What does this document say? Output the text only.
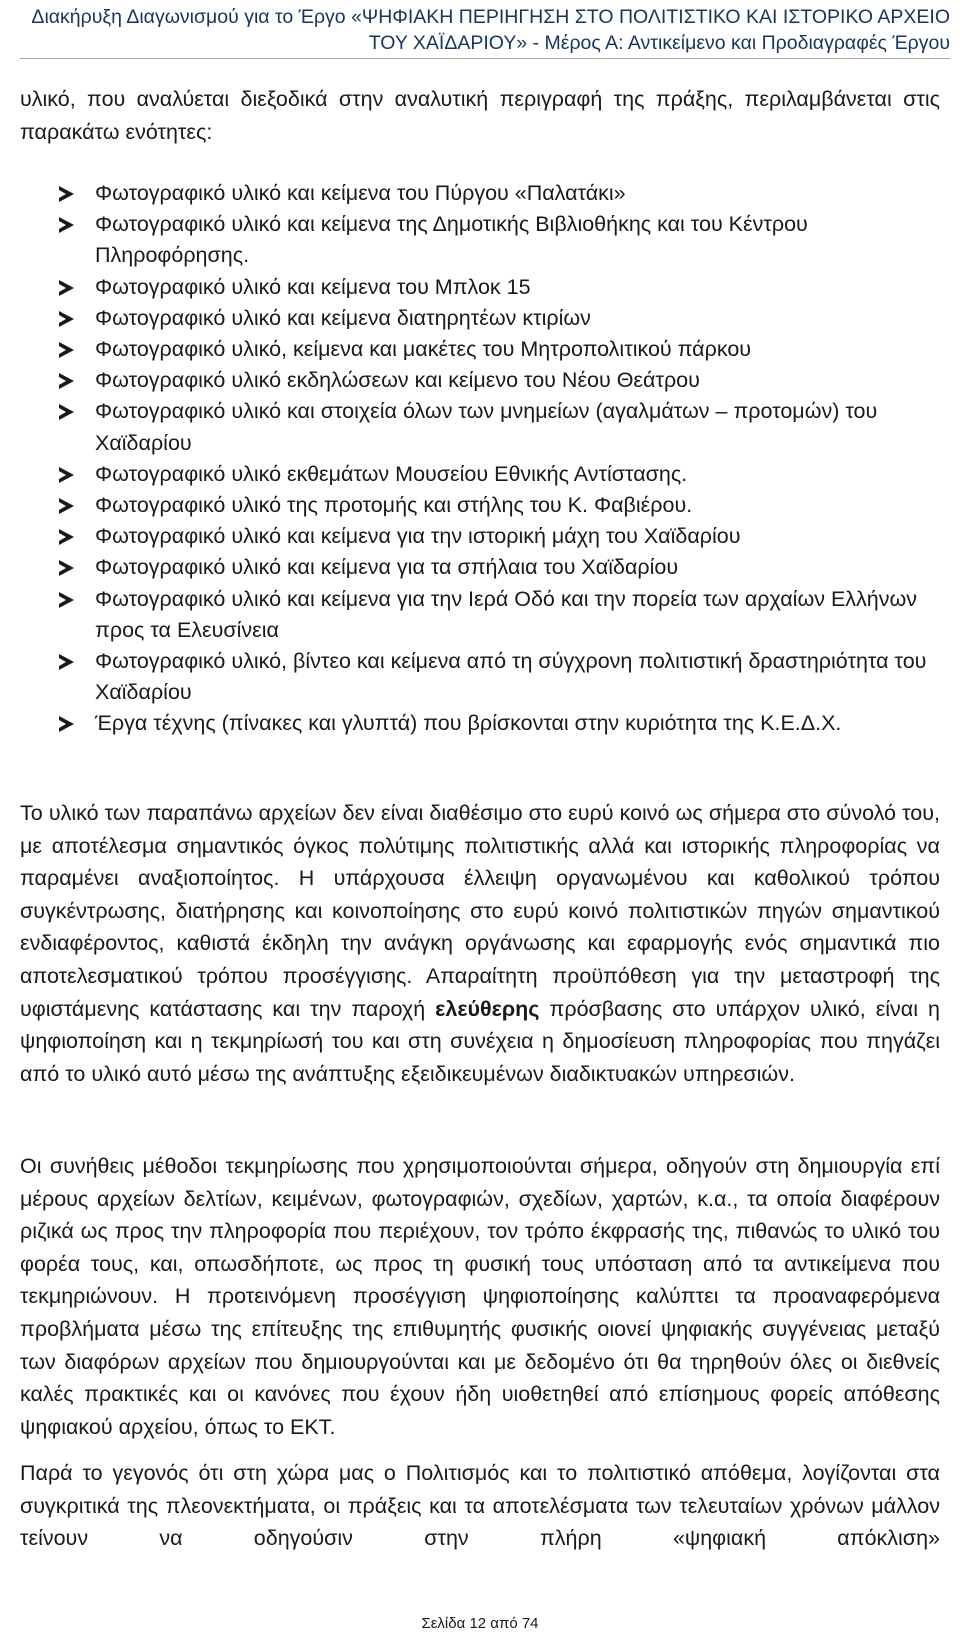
Διακήρυξη Διαγωνισμού για το Έργο «ΨΗΦΙΑΚΗ ΠΕΡΙΗΓΗΣΗ ΣΤΟ ΠΟΛΙΤΙΣΤΙΚΟ ΚΑΙ ΙΣΤΟΡΙΚΟ ΑΡΧΕΙΟ
ΤΟΥ ΧΑΪΔΑΡΙΟΥ» - Μέρος Α: Αντικείμενο και Προδιαγραφές Έργου
υλικό, που αναλύεται διεξοδικά στην αναλυτική περιγραφή της πράξης, περιλαμβάνεται στις παρακάτω ενότητες:
Φωτογραφικό υλικό και κείμενα του Πύργου «Παλατάκι»
Φωτογραφικό υλικό και κείμενα της Δημοτικής Βιβλιοθήκης και του Κέντρου Πληροφόρησης.
Φωτογραφικό υλικό και κείμενα του Μπλοκ 15
Φωτογραφικό υλικό και κείμενα διατηρητέων κτιρίων
Φωτογραφικό υλικό, κείμενα και μακέτες του Μητροπολιτικού πάρκου
Φωτογραφικό υλικό εκδηλώσεων και κείμενο του Νέου Θεάτρου
Φωτογραφικό υλικό και στοιχεία όλων των μνημείων (αγαλμάτων – προτομών) του Χαϊδαρίου
Φωτογραφικό υλικό εκθεμάτων Μουσείου Εθνικής Αντίστασης.
Φωτογραφικό υλικό της προτομής και στήλης του Κ. Φαβιέρου.
Φωτογραφικό υλικό και κείμενα για την ιστορική μάχη του Χαϊδαρίου
Φωτογραφικό υλικό και κείμενα για τα σπήλαια του Χαϊδαρίου
Φωτογραφικό υλικό και κείμενα για την Ιερά Οδό και την πορεία των αρχαίων Ελλήνων προς τα Ελευσίνεια
Φωτογραφικό υλικό, βίντεο και κείμενα από τη σύγχρονη πολιτιστική δραστηριότητα του Χαϊδαρίου
Έργα τέχνης (πίνακες και γλυπτά) που βρίσκονται στην κυριότητα της Κ.Ε.Δ.Χ.
Το υλικό των παραπάνω αρχείων δεν είναι διαθέσιμο στο ευρύ κοινό ως σήμερα στο σύνολό του, με αποτέλεσμα σημαντικός όγκος πολύτιμης πολιτιστικής αλλά και ιστορικής πληροφορίας να παραμένει αναξιοποίητος. Η υπάρχουσα έλλειψη οργανωμένου και καθολικού τρόπου συγκέντρωσης, διατήρησης και κοινοποίησης στο ευρύ κοινό πολιτιστικών πηγών σημαντικού ενδιαφέροντος, καθιστά έκδηλη την ανάγκη οργάνωσης και εφαρμογής ενός σημαντικά πιο αποτελεσματικού τρόπου προσέγγισης. Απαραίτητη προϋπόθεση για την μεταστροφή της υφιστάμενης κατάστασης και την παροχή ελεύθερης πρόσβασης στο υπάρχον υλικό, είναι η ψηφιοποίηση και η τεκμηρίωσή του και στη συνέχεια η δημοσίευση πληροφορίας που πηγάζει από το υλικό αυτό μέσω της ανάπτυξης εξειδικευμένων διαδικτυακών υπηρεσιών.
Οι συνήθεις μέθοδοι τεκμηρίωσης που χρησιμοποιούνται σήμερα, οδηγούν στη δημιουργία επί μέρους αρχείων δελτίων, κειμένων, φωτογραφιών, σχεδίων, χαρτών, κ.α., τα οποία διαφέρουν ριζικά ως προς την πληροφορία που περιέχουν, τον τρόπο έκφρασής της, πιθανώς το υλικό του φορέα τους, και, οπωσδήποτε, ως προς τη φυσική τους υπόσταση από τα αντικείμενα που τεκμηριώνουν. Η προτεινόμενη προσέγγιση ψηφιοποίησης καλύπτει τα προαναφερόμενα προβλήματα μέσω της επίτευξης της επιθυμητής φυσικής οιονεί ψηφιακής συγγένειας μεταξύ των διαφόρων αρχείων που δημιουργούνται και με δεδομένο ότι θα τηρηθούν όλες οι διεθνείς καλές πρακτικές και οι κανόνες που έχουν ήδη υιοθετηθεί από επίσημους φορείς απόθεσης ψηφιακού αρχείου, όπως το ΕΚΤ.
Παρά το γεγονός ότι στη χώρα μας ο Πολιτισμός και το πολιτιστικό απόθεμα, λογίζονται στα συγκριτικά της πλεονεκτήματα, οι πράξεις και τα αποτελέσματα των τελευταίων χρόνων μάλλον τείνουν να οδηγούσιν στην πλήρη «ψηφιακή απόκλιση»
Σελίδα 12 από 74
